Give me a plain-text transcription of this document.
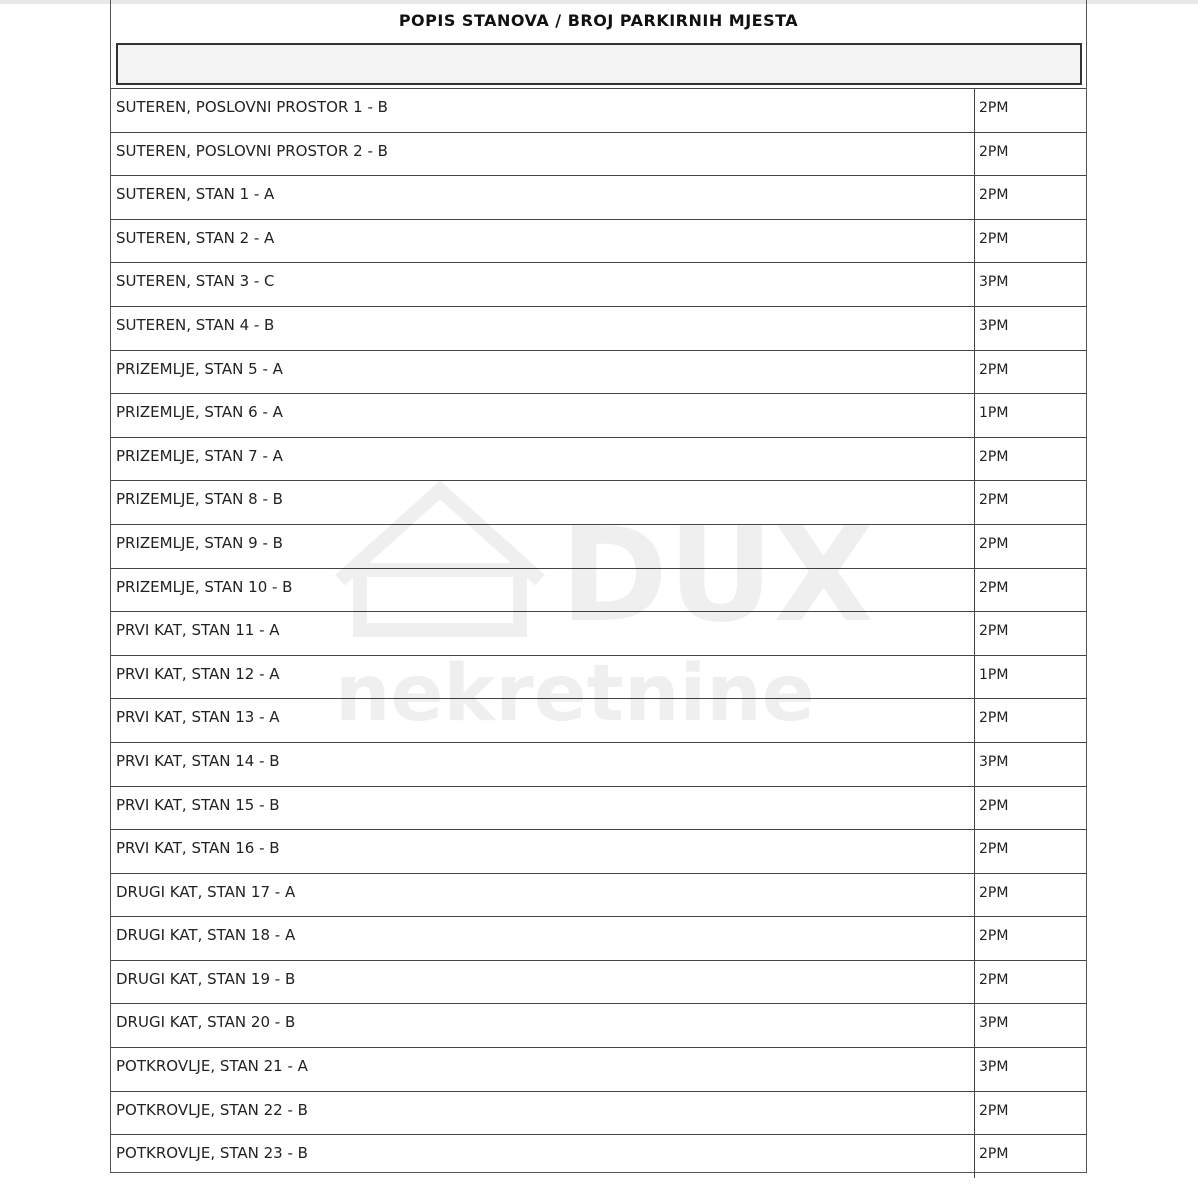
POPIS STANOVA / BROJ PARKIRNIH MJESTA
SUTEREN, POSLOVNI PROSTOR 1 - B	2PM
SUTEREN, POSLOVNI PROSTOR 2 - B	2PM
SUTEREN, STAN 1 - A	2PM
SUTEREN, STAN 2 - A	2PM
SUTEREN, STAN 3 - C	3PM
SUTEREN, STAN 4 - B	3PM
PRIZEMLJE, STAN 5 - A	2PM
PRIZEMLJE, STAN 6 - A	1PM
PRIZEMLJE, STAN 7 - A	2PM
PRIZEMLJE, STAN 8 - B	2PM
PRIZEMLJE, STAN 9 - B	2PM
PRIZEMLJE, STAN 10 - B	2PM
PRVI KAT, STAN 11 - A	2PM
PRVI KAT, STAN 12 - A	1PM
PRVI KAT, STAN 13 - A	2PM
PRVI KAT, STAN 14 - B	3PM
PRVI KAT, STAN 15 - B	2PM
PRVI KAT, STAN 16 - B	2PM
DRUGI KAT, STAN 17 - A	2PM
DRUGI KAT, STAN 18 - A	2PM
DRUGI KAT, STAN 19 - B	2PM
DRUGI KAT, STAN 20 - B	3PM
POTKROVLJE, STAN 21 - A	3PM
POTKROVLJE, STAN 22 - B	2PM
POTKROVLJE, STAN 23 - B	2PM
DUX
nekretnine
